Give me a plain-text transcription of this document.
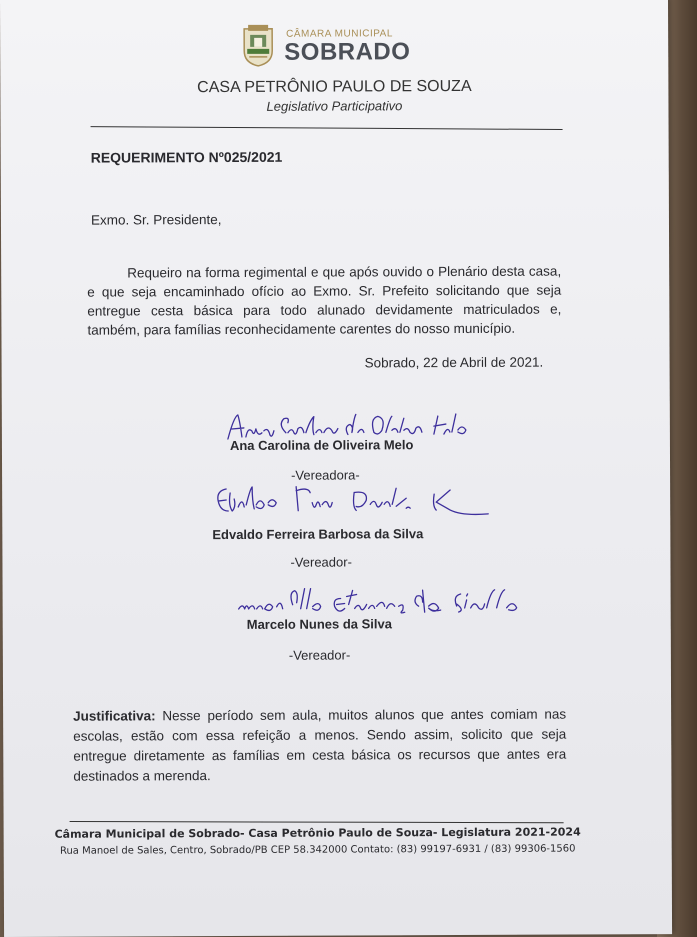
CÂMARA MUNICIPAL
SOBRADO
CASA PETRÔNIO PAULO DE SOUZA
Legislativo Participativo
REQUERIMENTO Nº025/2021
Exmo. Sr. Presidente,
Requeiro na forma regimental e que após ouvido o Plenário desta casa, e que seja encaminhado ofício ao Exmo. Sr. Prefeito solicitando que seja entregue cesta básica para todo alunado devidamente matriculados e, também, para famílias reconhecidamente carentes do nosso município.
Sobrado, 22 de Abril de 2021.
Ana Carolina de Oliveira Melo
-Vereadora-
Edvaldo Ferreira Barbosa da Silva
-Vereador-
Marcelo Nunes da Silva
-Vereador-
Justificativa: Nesse período sem aula, muitos alunos que antes comiam nas escolas, estão com essa refeição a menos. Sendo assim, solicito que seja entregue diretamente as famílias em cesta básica os recursos que antes era destinados a merenda.
Câmara Municipal de Sobrado- Casa Petrônio Paulo de Souza- Legislatura 2021-2024
Rua Manoel de Sales, Centro, Sobrado/PB CEP 58.342000 Contato: (83) 99197-6931 / (83) 99306-1560
